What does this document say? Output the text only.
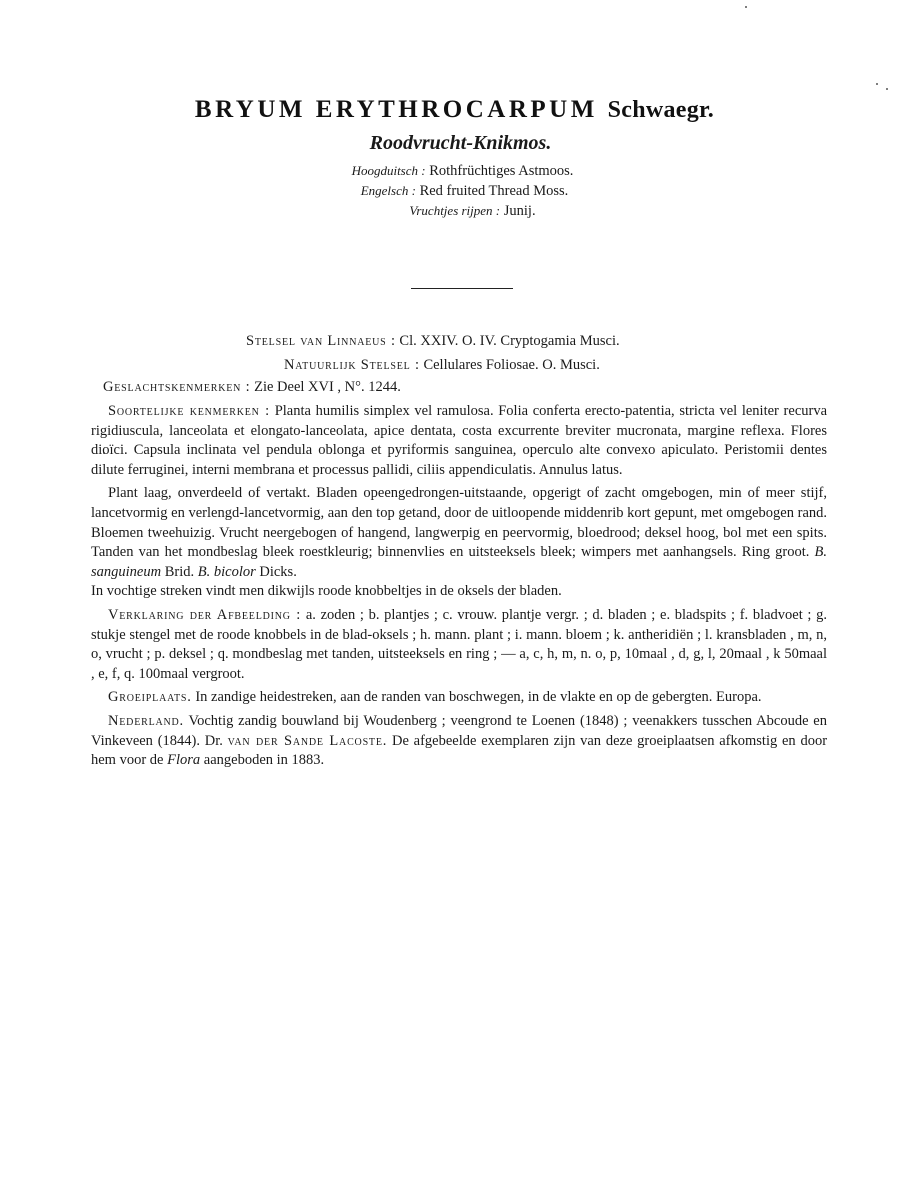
BRYUM ERYTHROCARPUM Schwaegr.
Roodvrucht-Knikmos.
Hoogduitsch : Rothfrüchtiges Astmoos.
Engelsch : Red fruited Thread Moss.
Vruchtjes rijpen : Junij.
Stelsel van Linnaeus : Cl. XXIV. O. IV. Cryptogamia Musci.
Natuurlijk Stelsel : Cellulares Foliosae. O. Musci.
Geslachtskenmerken : Zie Deel XVI , N°. 1244.

Soortelijke kenmerken : Planta humilis simplex vel ramulosa. Folia conferta erecto-patentia, stricta vel leniter recurva rigidiuscula, lanceolata et elongato-lanceolata, apice dentata, costa excurrente breviter mucronata, margine reflexa. Flores dioïci. Capsula inclinata vel pendula oblonga et pyriformis sanguinea, operculo alte convexo apiculato. Peristomii dentes dilute ferruginei, interni membrana et processus pallidi, ciliis appendiculatis. Annulus latus.

Plant laag, onverdeeld of vertakt. Bladen opeengedrongen-uitstaande, opgerigt of zacht omgebogen, min of meer stijf, lancetvormig en verlengd-lancetvormig, aan den top getand, door de uitloopende middenrib kort gepunt, met omgebogen rand. Bloemen tweehuizig. Vrucht neergebogen of hangend, langwerpig en peervormig, bloedrood; deksel hoog, bol met een spits. Tanden van het mondbeslag bleek roestkleurig; binnenvlies en uitsteeksels bleek; wimpers met aanhangsels. Ring groot. B. sanguineum Brid. B. bicolor Dicks.
In vochtige streken vindt men dikwijls roode knobbeltjes in de oksels der bladen.

Verklaring der Afbeelding : a. zoden ; b. plantjes ; c. vrouw. plantje vergr. ; d. bladen ; e. bladspits ; f. bladvoet ; g. stukje stengel met de roode knobbels in de blad-oksels ; h. mann. plant ; i. mann. bloem ; k. antheridiën ; l. kransbladen , m, n, o, vrucht ; p. deksel ; q. mondbeslag met tanden, uitsteeksels en ring ; — a, c, h, m, n. o, p, 10maal , d, g, l, 20maal , k 50maal , e, f, q. 100maal vergroot.

Groeiplaats. In zandige heidestreken, aan de randen van boschwegen, in de vlakte en op de gebergten. Europa.

Nederland. Vochtig zandig bouwland bij Woudenberg ; veengrond te Loenen (1848) ; veenakkers tusschen Abcoude en Vinkeveen (1844). Dr. van der Sande Lacoste. De afgebeelde exemplaren zijn van deze groeiplaatsen afkomstig en door hem voor de Flora aangeboden in 1883.
